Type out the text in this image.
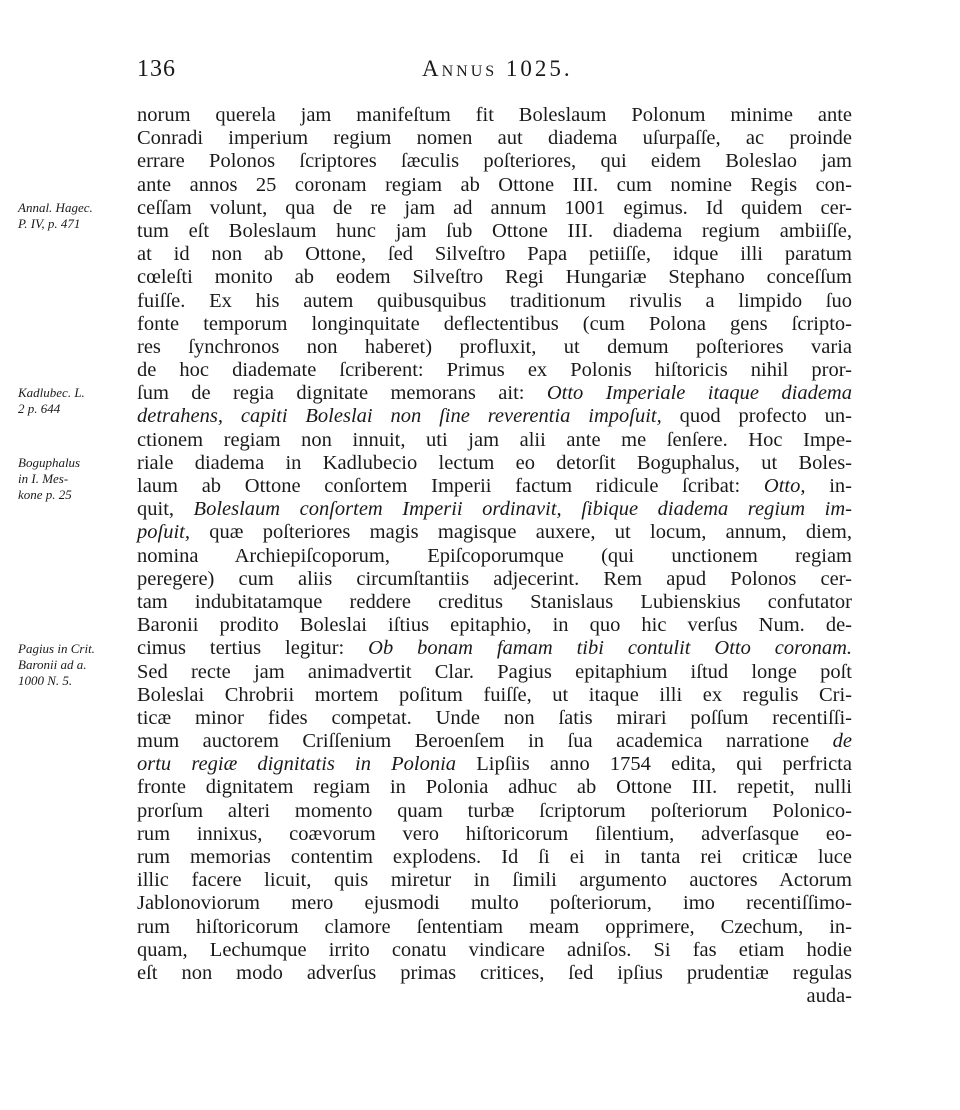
136	Annus 1025.
Annal. Hagec.
P. IV, p. 471
Kadlubec. L.
2 p. 644
Boguphalus
in I. Mes-
kone p. 25
Pagius in Crit.
Baronii ad a.
1000 N. 5.
norum querela jam manifeſtum fit Boleslaum Polonum minime ante
Conradi imperium regium nomen aut diadema uſurpaſſe, ac proinde
errare Polonos ſcriptores ſæculis poſteriores, qui eidem Boleslao jam
ante annos 25 coronam regiam ab Ottone III. cum nomine Regis con-
ceſſam volunt, qua de re jam ad annum 1001 egimus. Id quidem cer-
tum eſt Boleslaum hunc jam ſub Ottone III. diadema regium ambiiſſe,
at id non ab Ottone, ſed Silveſtro Papa petiiſſe, idque illi paratum
cœleſti monito ab eodem Silveſtro Regi Hungariæ Stephano conceſſum
fuiſſe. Ex his autem quibusquibus traditionum rivulis a limpido ſuo
fonte temporum longinquitate deflectentibus (cum Polona gens ſcripto-
res ſynchronos non haberet) profluxit, ut demum poſteriores varia
de hoc diademate ſcriberent: Primus ex Polonis hiſtoricis nihil pror-
ſum de regia dignitate memorans ait: Otto Imperiale itaque diadema
detrahens, capiti Boleslai non ſine reverentia impoſuit, quod profecto un-
ctionem regiam non innuit, uti jam alii ante me ſenſere. Hoc Impe-
riale diadema in Kadlubecio lectum eo detorſit Boguphalus, ut Boles-
laum ab Ottone conſortem Imperii factum ridicule ſcribat: Otto, in-
quit, Boleslaum conſortem Imperii ordinavit, ſibique diadema regium im-
poſuit, quæ poſteriores magis magisque auxere, ut locum, annum, diem,
nomina Archiepiſcoporum, Epiſcoporumque (qui unctionem regiam
peregere) cum aliis circumſtantiis adjecerint. Rem apud Polonos cer-
tam indubitatamque reddere creditus Stanislaus Lubienskius confutator
Baronii prodito Boleslai iſtius epitaphio, in quo hic verſus Num. de-
cimus tertius legitur: Ob bonam famam tibi contulit Otto coronam.
Sed recte jam animadvertit Clar. Pagius epitaphium iſtud longe poſt
Boleslai Chrobrii mortem poſitum fuiſſe, ut itaque illi ex regulis Cri-
ticæ minor fides competat. Unde non ſatis mirari poſſum recentiſſi-
mum auctorem Criſſenium Beroenſem in ſua academica narratione de
ortu regiæ dignitatis in Polonia Lipſiis anno 1754 edita, qui perfricta
fronte dignitatem regiam in Polonia adhuc ab Ottone III. repetit, nulli
prorſum alteri momento quam turbæ ſcriptorum poſteriorum Polonico-
rum innixus, coævorum vero hiſtoricorum ſilentium, adverſasque eo-
rum memorias contentim explodens. Id ſi ei in tanta rei criticæ luce
illic facere licuit, quis miretur in ſimili argumento auctores Actorum
Jablonoviorum mero ejusmodi multo poſteriorum, imo recentiſſimo-
rum hiſtoricorum clamore ſententiam meam opprimere, Czechum, in-
quam, Lechumque irrito conatu vindicare adniſos. Si fas etiam hodie
eſt non modo adverſus primas critices, ſed ipſius prudentiæ regulas
auda-
